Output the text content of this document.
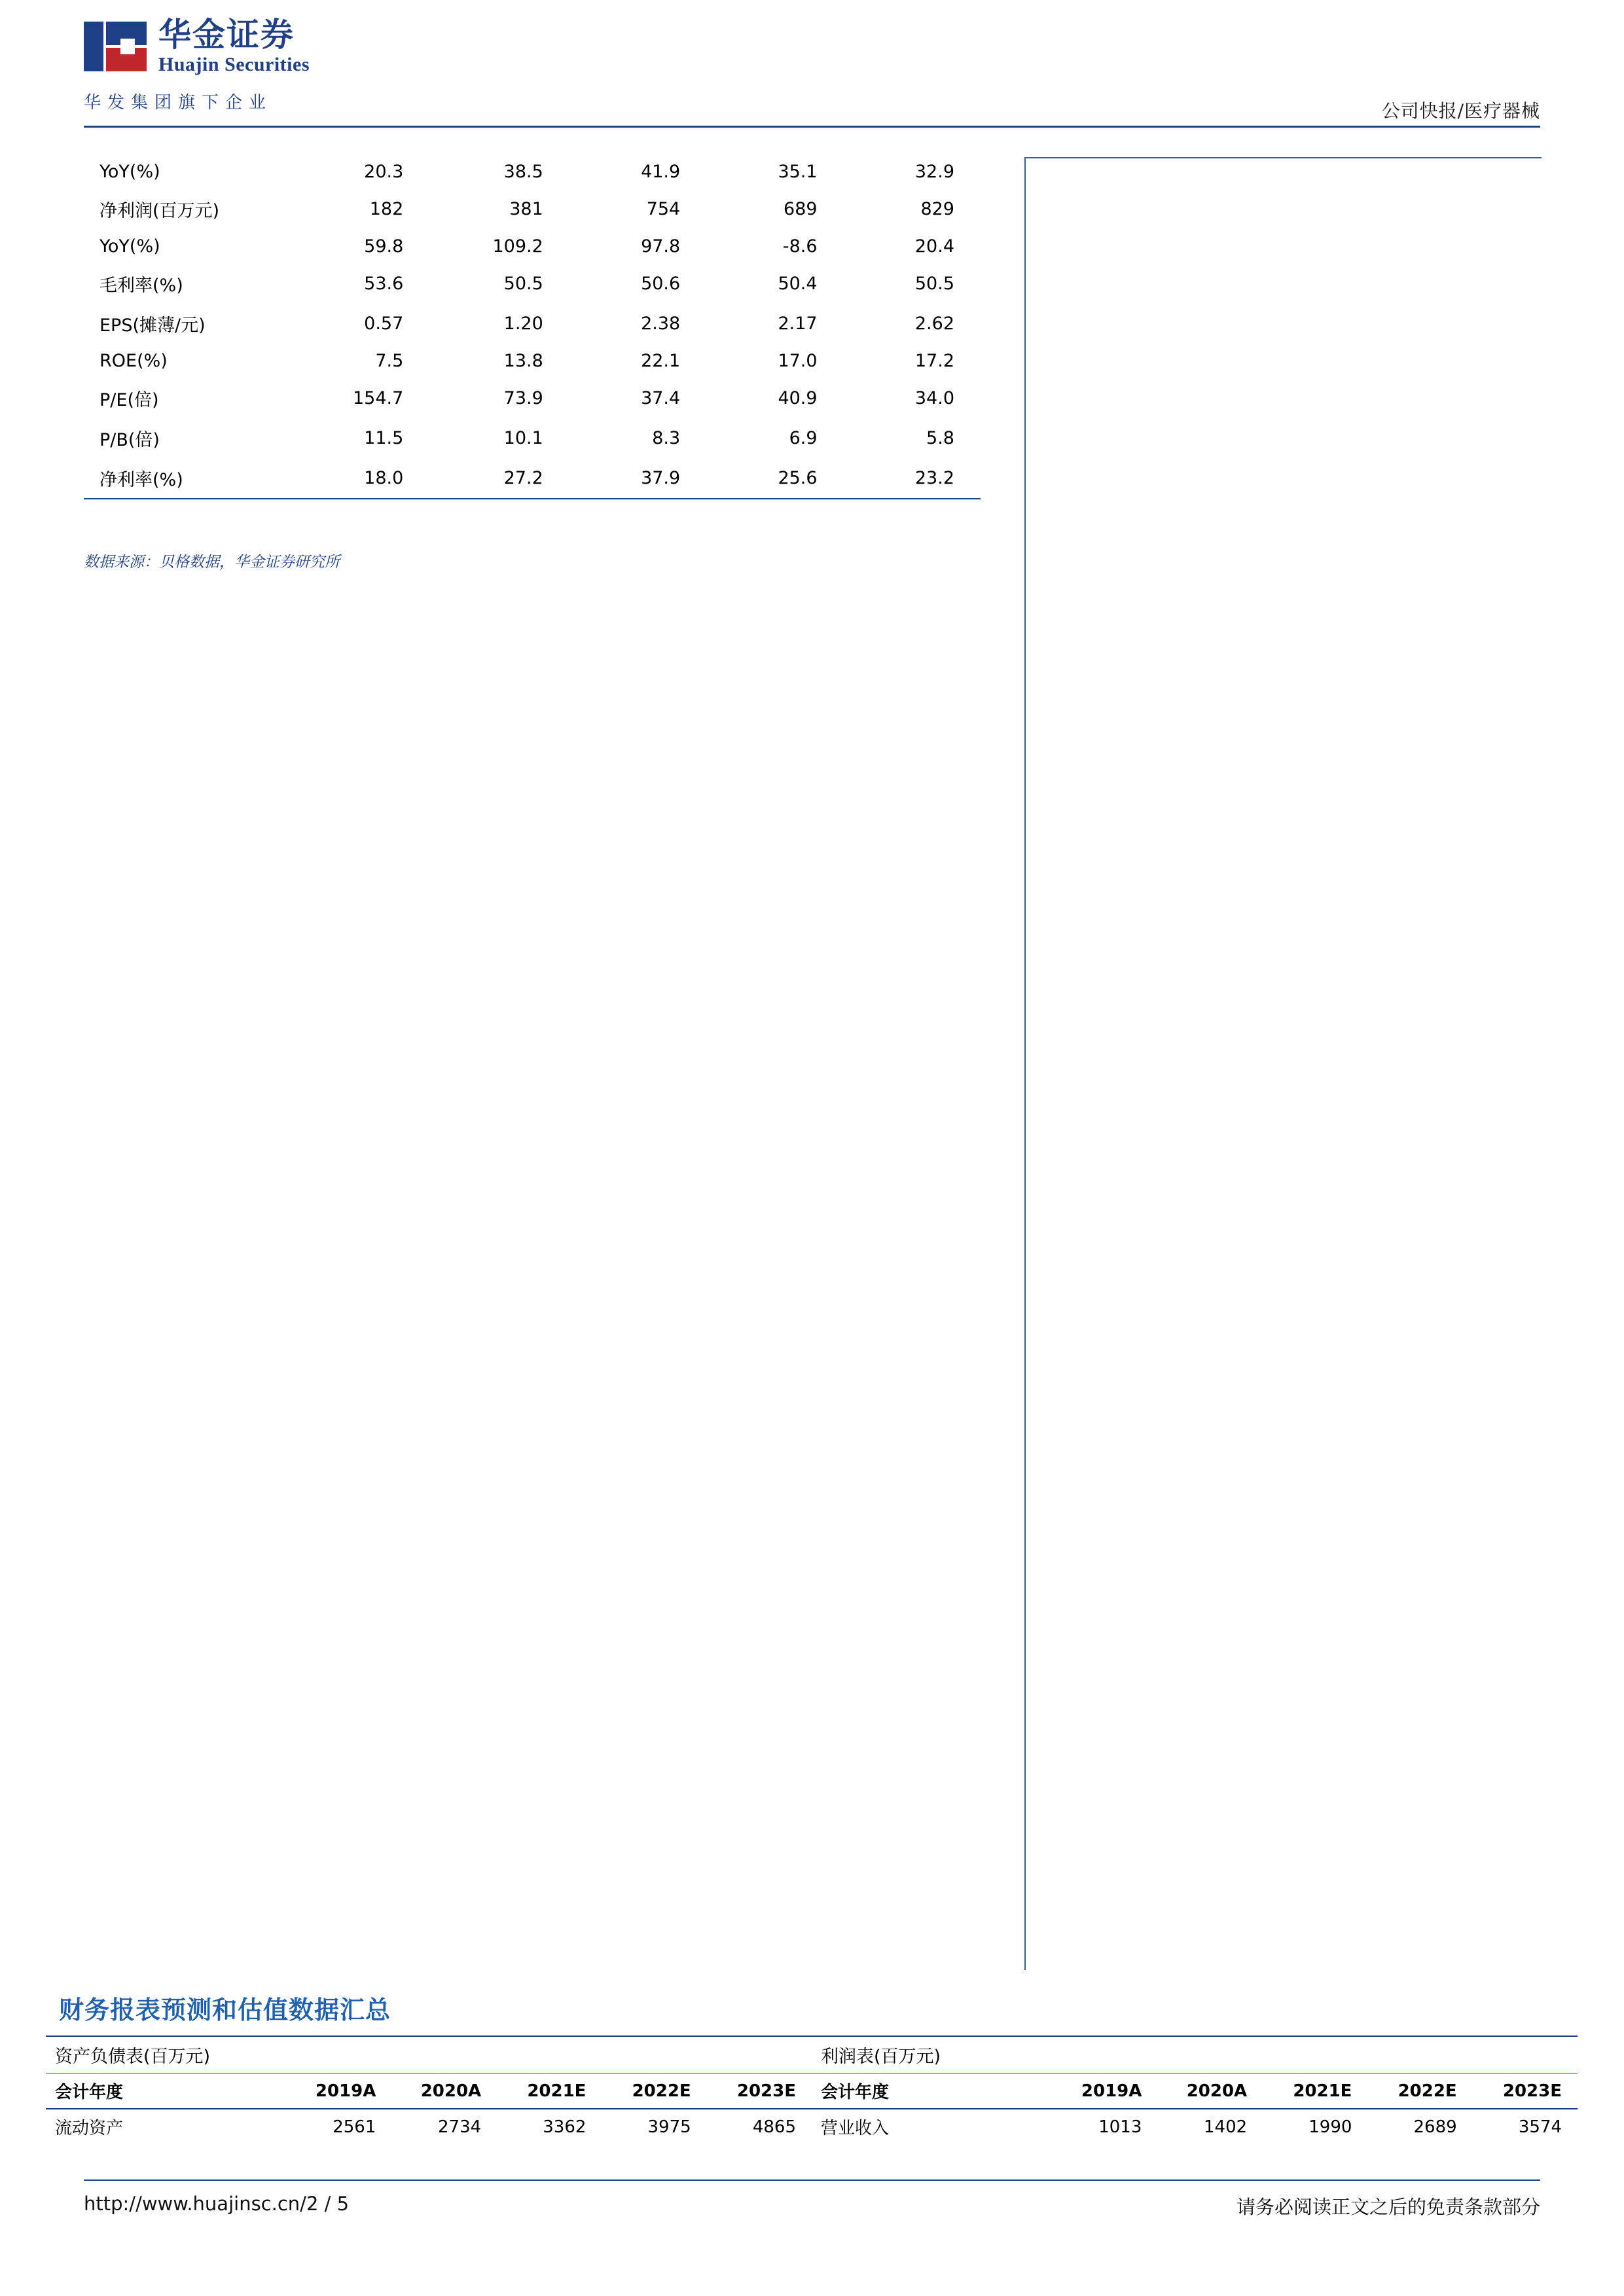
华金证券
Huajin Securities
华发集团旗下企业	公司快报/医疗器械
YoY(%)	20.3	38.5	41.9	35.1	32.9
净利润(百万元)	182	381	754	689	829
YoY(%)	59.8	109.2	97.8	-8.6	20.4
毛利率(%)	53.6	50.5	50.6	50.4	50.5
EPS(摊薄/元)	0.57	1.20	2.38	2.17	2.62
ROE(%)	7.5	13.8	22.1	17.0	17.2
P/E(倍)	154.7	73.9	37.4	40.9	34.0
P/B(倍)	11.5	10.1	8.3	6.9	5.8
净利率(%)	18.0	27.2	37.9	25.6	23.2
数据来源：贝格数据，华金证券研究所
财务报表预测和估值数据汇总
资产负债表(百万元)					
会计年度	2019A	2020A	2021E	2022E	2023E
流动资产	2561	2734	3362	3975	4865
利润表(百万元)					
会计年度	2019A	2020A	2021E	2022E	2023E
营业收入	1013	1402	1990	2689	3574
http://www.huajinsc.cn/2 / 5	请务必阅读正文之后的免责条款部分
